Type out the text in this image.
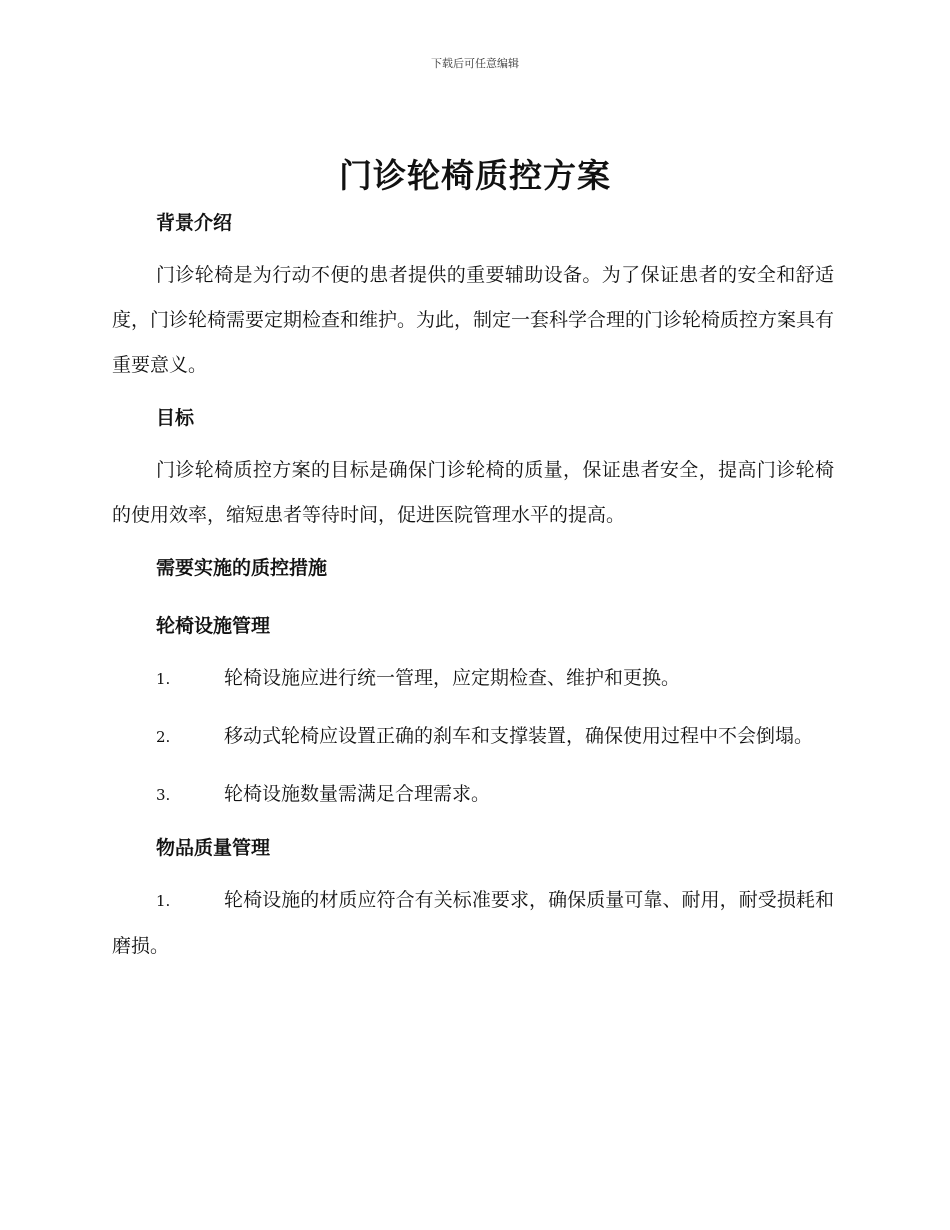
下载后可任意编辑
门诊轮椅质控方案

背景介绍

门诊轮椅是为行动不便的患者提供的重要辅助设备。为了保证患者的安全和舒适度，门诊轮椅需要定期检查和维护。为此，制定一套科学合理的门诊轮椅质控方案具有重要意义。

目标

门诊轮椅质控方案的目标是确保门诊轮椅的质量，保证患者安全，提高门诊轮椅的使用效率，缩短患者等待时间，促进医院管理水平的提高。

需要实施的质控措施

轮椅设施管理

1.	轮椅设施应进行统一管理，应定期检查、维护和更换。

2.	移动式轮椅应设置正确的刹车和支撑装置，确保使用过程中不会倒塌。

3.	轮椅设施数量需满足合理需求。

物品质量管理

1.	轮椅设施的材质应符合有关标准要求，确保质量可靠、耐用，耐受损耗和磨损。
